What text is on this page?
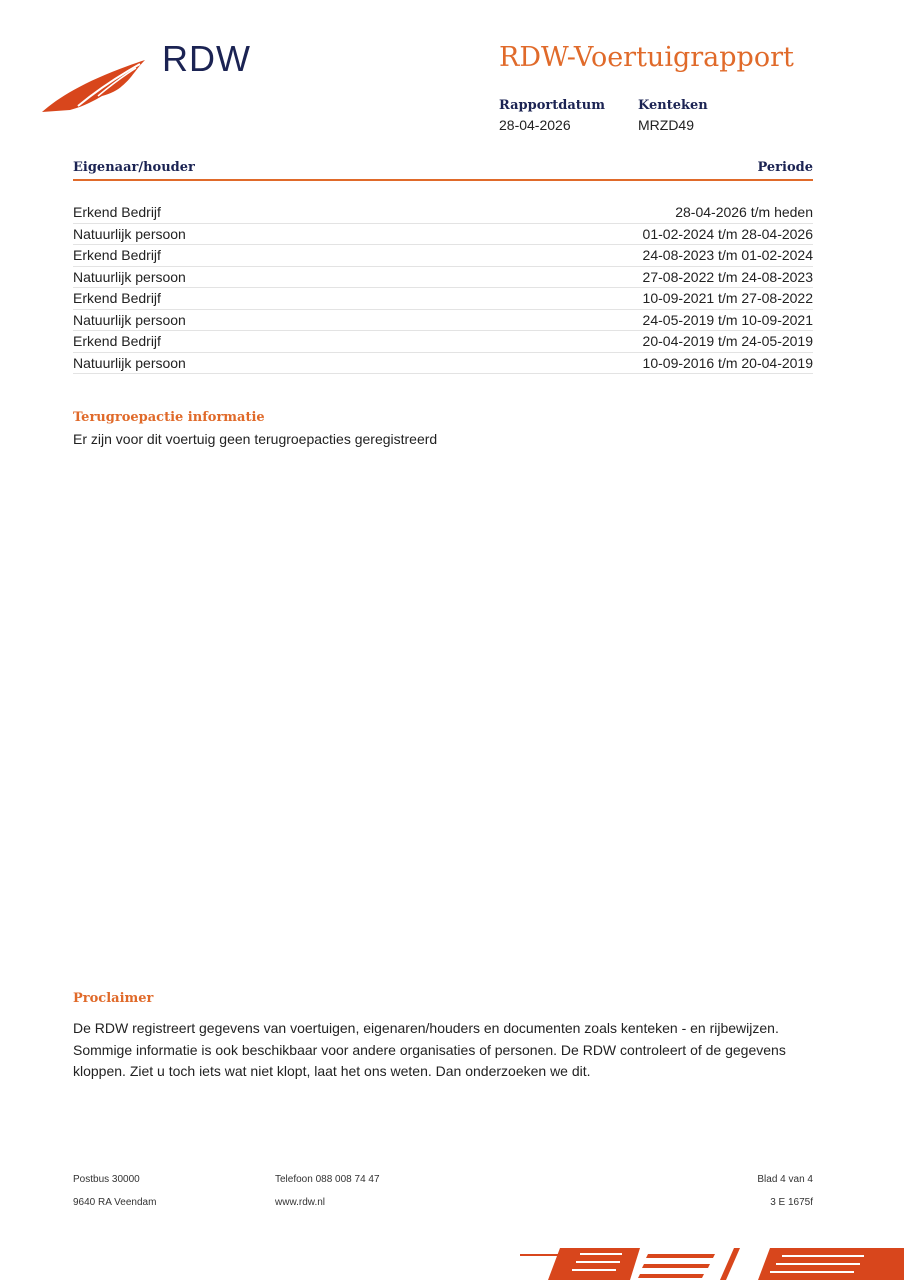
RDW	RDW-Voertuigrapport
Rapportdatum
28-04-2026
Kenteken
MRZD49
Eigenaar/houder	Periode
Erkend Bedrijf	28-04-2026 t/m heden
Natuurlijk persoon	01-02-2024 t/m 28-04-2026
Erkend Bedrijf	24-08-2023 t/m 01-02-2024
Natuurlijk persoon	27-08-2022 t/m 24-08-2023
Erkend Bedrijf	10-09-2021 t/m 27-08-2022
Natuurlijk persoon	24-05-2019 t/m 10-09-2021
Erkend Bedrijf	20-04-2019 t/m 24-05-2019
Natuurlijk persoon	10-09-2016 t/m 20-04-2019
Terugroepactie informatie
Er zijn voor dit voertuig geen terugroepacties geregistreerd
Proclaimer
De RDW registreert gegevens van voertuigen, eigenaren/houders en documenten zoals kenteken - en rijbewijzen.
Sommige informatie is ook beschikbaar voor andere organisaties of personen. De RDW controleert of de gegevens
kloppen. Ziet u toch iets wat niet klopt, laat het ons weten. Dan onderzoeken we dit.
Postbus 30000
9640 RA Veendam
Telefoon 088 008 74 47
www.rdw.nl
Blad 4 van 4
3 E 1675f
